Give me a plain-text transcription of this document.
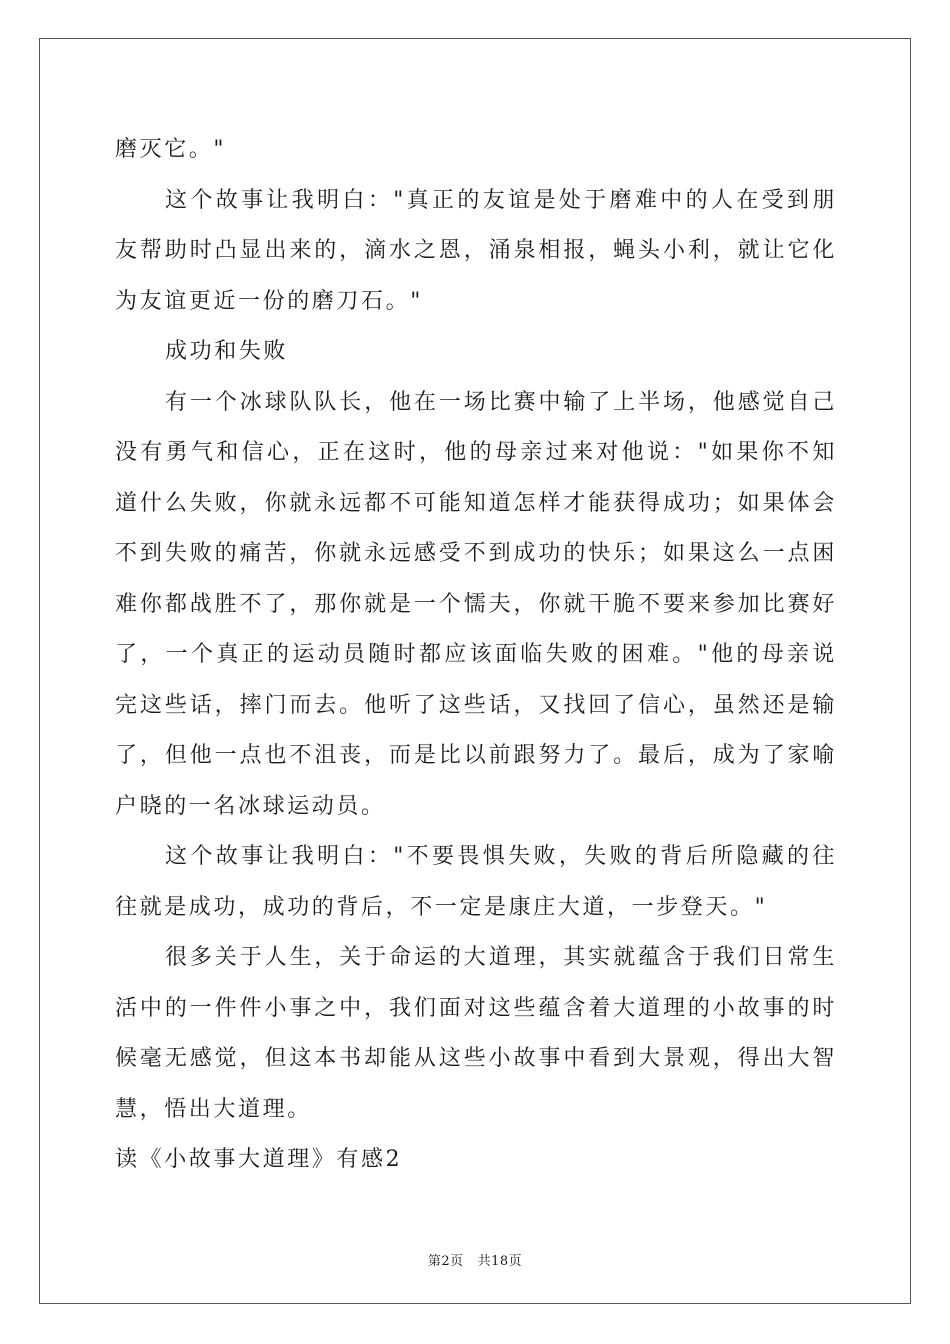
磨灭它。"

这个故事让我明白："真正的友谊是处于磨难中的人在受到朋友帮助时凸显出来的，滴水之恩，涌泉相报，蝇头小利，就让它化为友谊更近一份的磨刀石。"

成功和失败

有一个冰球队队长，他在一场比赛中输了上半场，他感觉自己没有勇气和信心，正在这时，他的母亲过来对他说："如果你不知道什么失败，你就永远都不可能知道怎样才能获得成功；如果体会不到失败的痛苦，你就永远感受不到成功的快乐；如果这么一点困难你都战胜不了，那你就是一个懦夫，你就干脆不要来参加比赛好了，一个真正的运动员随时都应该面临失败的困难。"他的母亲说完这些话，摔门而去。他听了这些话，又找回了信心，虽然还是输了，但他一点也不沮丧，而是比以前跟努力了。最后，成为了家喻户晓的一名冰球运动员。

这个故事让我明白："不要畏惧失败，失败的背后所隐藏的往往就是成功，成功的背后，不一定是康庄大道，一步登天。"

很多关于人生，关于命运的大道理，其实就蕴含于我们日常生活中的一件件小事之中，我们面对这些蕴含着大道理的小故事的时候毫无感觉，但这本书却能从这些小故事中看到大景观，得出大智慧，悟出大道理。

读《小故事大道理》有感2

第2页 共18页
